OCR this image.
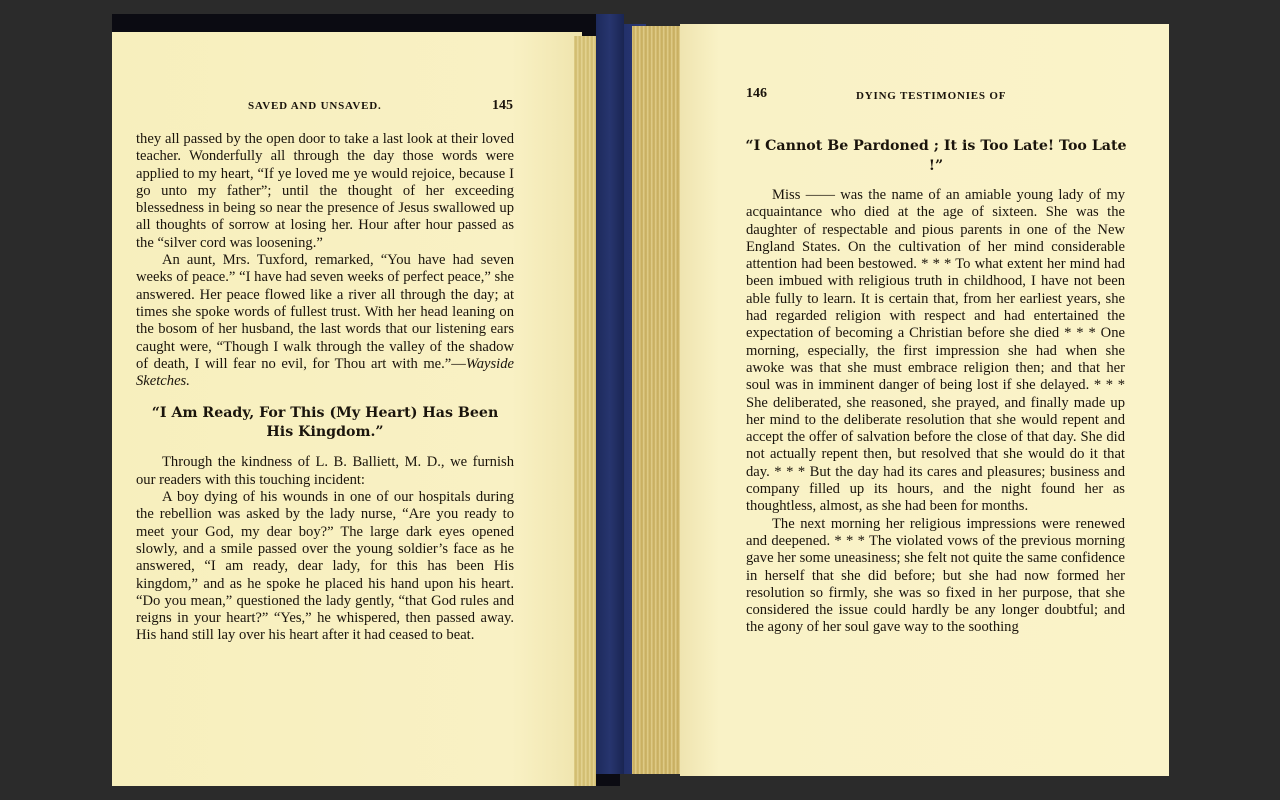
SAVED AND UNSAVED.	145

they all passed by the open door to take a last look at their loved teacher. Wonderfully all through the day those words were applied to my heart, “If ye loved me ye would rejoice, because I go unto my father”; until the thought of her exceeding blessedness in being so near the presence of Jesus swallowed up all thoughts of sorrow at losing her. Hour after hour passed as the “silver cord was loosening.”

An aunt, Mrs. Tuxford, remarked, “You have had seven weeks of peace.” “I have had seven weeks of perfect peace,” she answered. Her peace flowed like a river all through the day; at times she spoke words of fullest trust. With her head leaning on the bosom of her husband, the last words that our listening ears caught were, “Though I walk through the valley of the shadow of death, I will fear no evil, for Thou art with me.”—Wayside Sketches.

“I Am Ready, For This (My Heart) Has Been His Kingdom.”

Through the kindness of L. B. Balliett, M. D., we furnish our readers with this touching incident:

A boy dying of his wounds in one of our hospitals during the rebellion was asked by the lady nurse, “Are you ready to meet your God, my dear boy?” The large dark eyes opened slowly, and a smile passed over the young soldier’s face as he answered, “I am ready, dear lady, for this has been His kingdom,” and as he spoke he placed his hand upon his heart. “Do you mean,” questioned the lady gently, “that God rules and reigns in your heart?” “Yes,” he whispered, then passed away. His hand still lay over his heart after it had ceased to beat.

146	DYING TESTIMONIES OF
“I Cannot Be Pardoned ; It is Too Late! Too Late !”

Miss —— was the name of an amiable young lady of my acquaintance who died at the age of sixteen. She was the daughter of respectable and pious parents in one of the New England States. On the cultivation of her mind considerable attention had been bestowed. * * * To what extent her mind had been imbued with religious truth in childhood, I have not been able fully to learn. It is certain that, from her earliest years, she had regarded religion with respect and had entertained the expectation of becoming a Christian before she died * * * One morning, especially, the first impression she had when she awoke was that she must embrace religion then; and that her soul was in imminent danger of being lost if she delayed. * * * She deliberated, she reasoned, she prayed, and finally made up her mind to the deliberate resolution that she would repent and accept the offer of salvation before the close of that day. She did not actually repent then, but resolved that she would do it that day. * * * But the day had its cares and pleasures; business and company filled up its hours, and the night found her as thoughtless, almost, as she had been for months.

The next morning her religious impressions were renewed and deepened. * * * The violated vows of the previous morning gave her some uneasiness; she felt not quite the same confidence in herself that she did before; but she had now formed her resolution so firmly, she was so fixed in her purpose, that she considered the issue could hardly be any longer doubtful; and the agony of her soul gave way to the soothing
